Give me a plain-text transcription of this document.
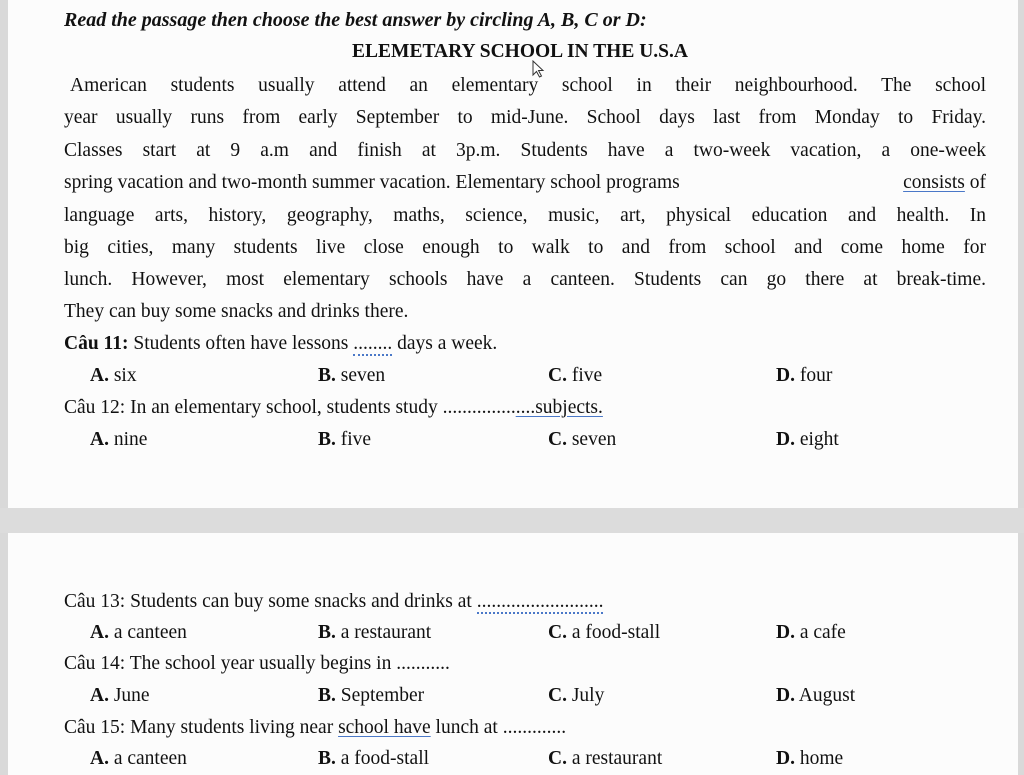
Read the passage then choose the best answer by circling A, B, C or D:
ELEMETARY SCHOOL IN THE U.S.A
American students usually attend an elementary school in their neighbourhood. The school
year usually runs from early September to mid-June. School days last from Monday to Friday.
Classes start at 9 a.m and finish at 3p.m. Students have a two-week vacation, a one-week
spring vacation and two-month summer vacation. Elementary school programs	consists of
language arts, history, geography, maths, science, music, art, physical education and health. In
big cities, many students live close enough to walk to and from school and come home for
lunch. However, most elementary schools have a canteen. Students can go there at break-time.
They can buy some snacks and drinks there.
Câu 11: Students often have lessons ........ days a week.
A. six	B. seven	C. five	D. four
Câu 12: In an elementary school, students study ...................subjects.
A. nine	B. five	C. seven	D. eight
Câu 13: Students can buy some snacks and drinks at ..........................
A. a canteen	B. a restaurant	C. a food-stall	D. a cafe
Câu 14: The school year usually begins in ...........
A. June	B. September	C. July	D. August
Câu 15: Many students living near school have lunch at .............
A. a canteen	B. a food-stall	C. a restaurant	D. home
